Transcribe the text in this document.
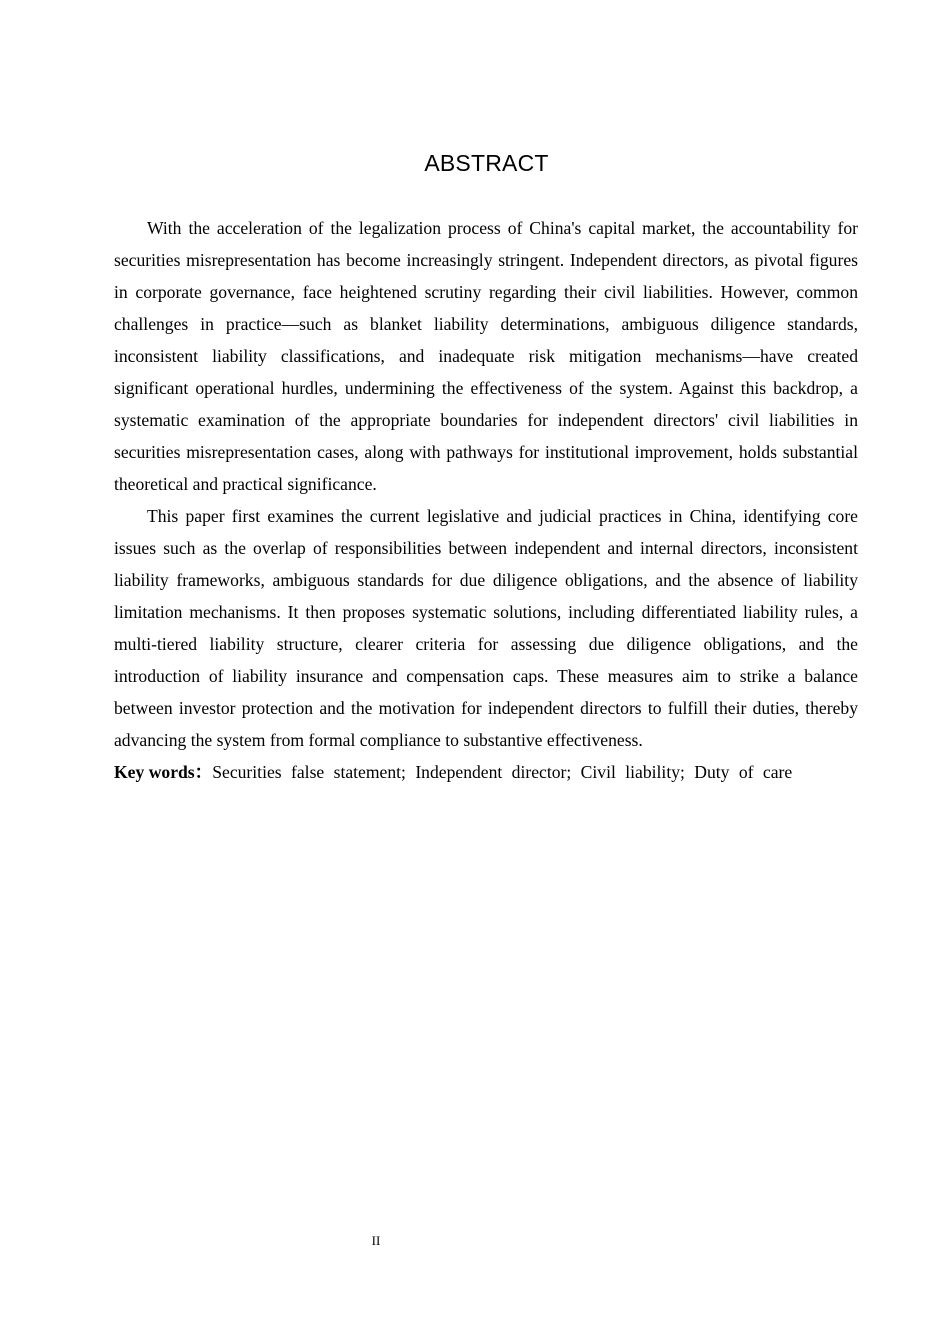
ABSTRACT

With the acceleration of the legalization process of China's capital market, the accountability for securities misrepresentation has become increasingly stringent. Independent directors, as pivotal figures in corporate governance, face heightened scrutiny regarding their civil liabilities. However, common challenges in practice—such as blanket liability determinations, ambiguous diligence standards, inconsistent liability classifications, and inadequate risk mitigation mechanisms—have created significant operational hurdles, undermining the effectiveness of the system. Against this backdrop, a systematic examination of the appropriate boundaries for independent directors' civil liabilities in securities misrepresentation cases, along with pathways for institutional improvement, holds substantial theoretical and practical significance.

This paper first examines the current legislative and judicial practices in China, identifying core issues such as the overlap of responsibilities between independent and internal directors, inconsistent liability frameworks, ambiguous standards for due diligence obligations, and the absence of liability limitation mechanisms. It then proposes systematic solutions, including differentiated liability rules, a multi-tiered liability structure, clearer criteria for assessing due diligence obligations, and the introduction of liability insurance and compensation caps. These measures aim to strike a balance between investor protection and the motivation for independent directors to fulfill their duties, thereby advancing the system from formal compliance to substantive effectiveness.

Key words：Securities false statement; Independent director; Civil liability; Duty of care

II
